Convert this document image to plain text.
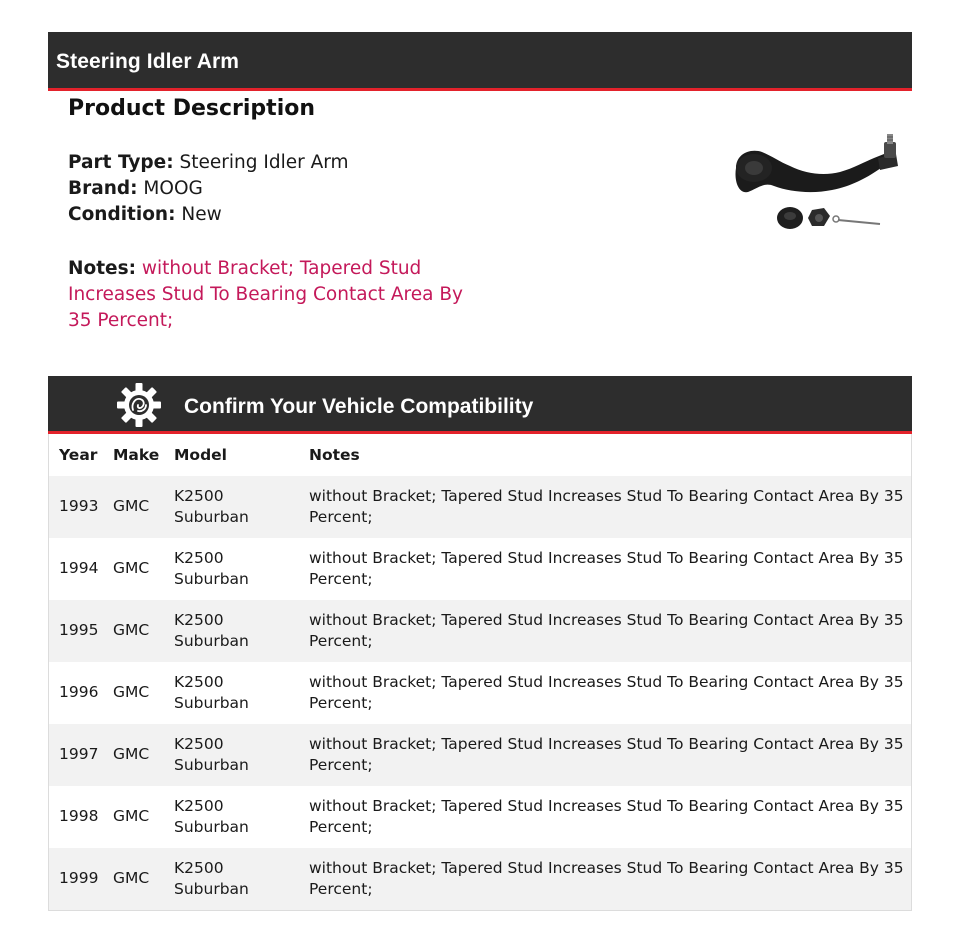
Steering Idler Arm
Product Description
Part Type: Steering Idler Arm
Brand: MOOG
Condition: New
Notes: without Bracket; Tapered Stud Increases Stud To Bearing Contact Area By 35 Percent;
Confirm Your Vehicle Compatibility
Year	Make	Model	Notes
1993	GMC	K2500 Suburban	without Bracket; Tapered Stud Increases Stud To Bearing Contact Area By 35 Percent;
1994	GMC	K2500 Suburban	without Bracket; Tapered Stud Increases Stud To Bearing Contact Area By 35 Percent;
1995	GMC	K2500 Suburban	without Bracket; Tapered Stud Increases Stud To Bearing Contact Area By 35 Percent;
1996	GMC	K2500 Suburban	without Bracket; Tapered Stud Increases Stud To Bearing Contact Area By 35 Percent;
1997	GMC	K2500 Suburban	without Bracket; Tapered Stud Increases Stud To Bearing Contact Area By 35 Percent;
1998	GMC	K2500 Suburban	without Bracket; Tapered Stud Increases Stud To Bearing Contact Area By 35 Percent;
1999	GMC	K2500 Suburban	without Bracket; Tapered Stud Increases Stud To Bearing Contact Area By 35 Percent;
